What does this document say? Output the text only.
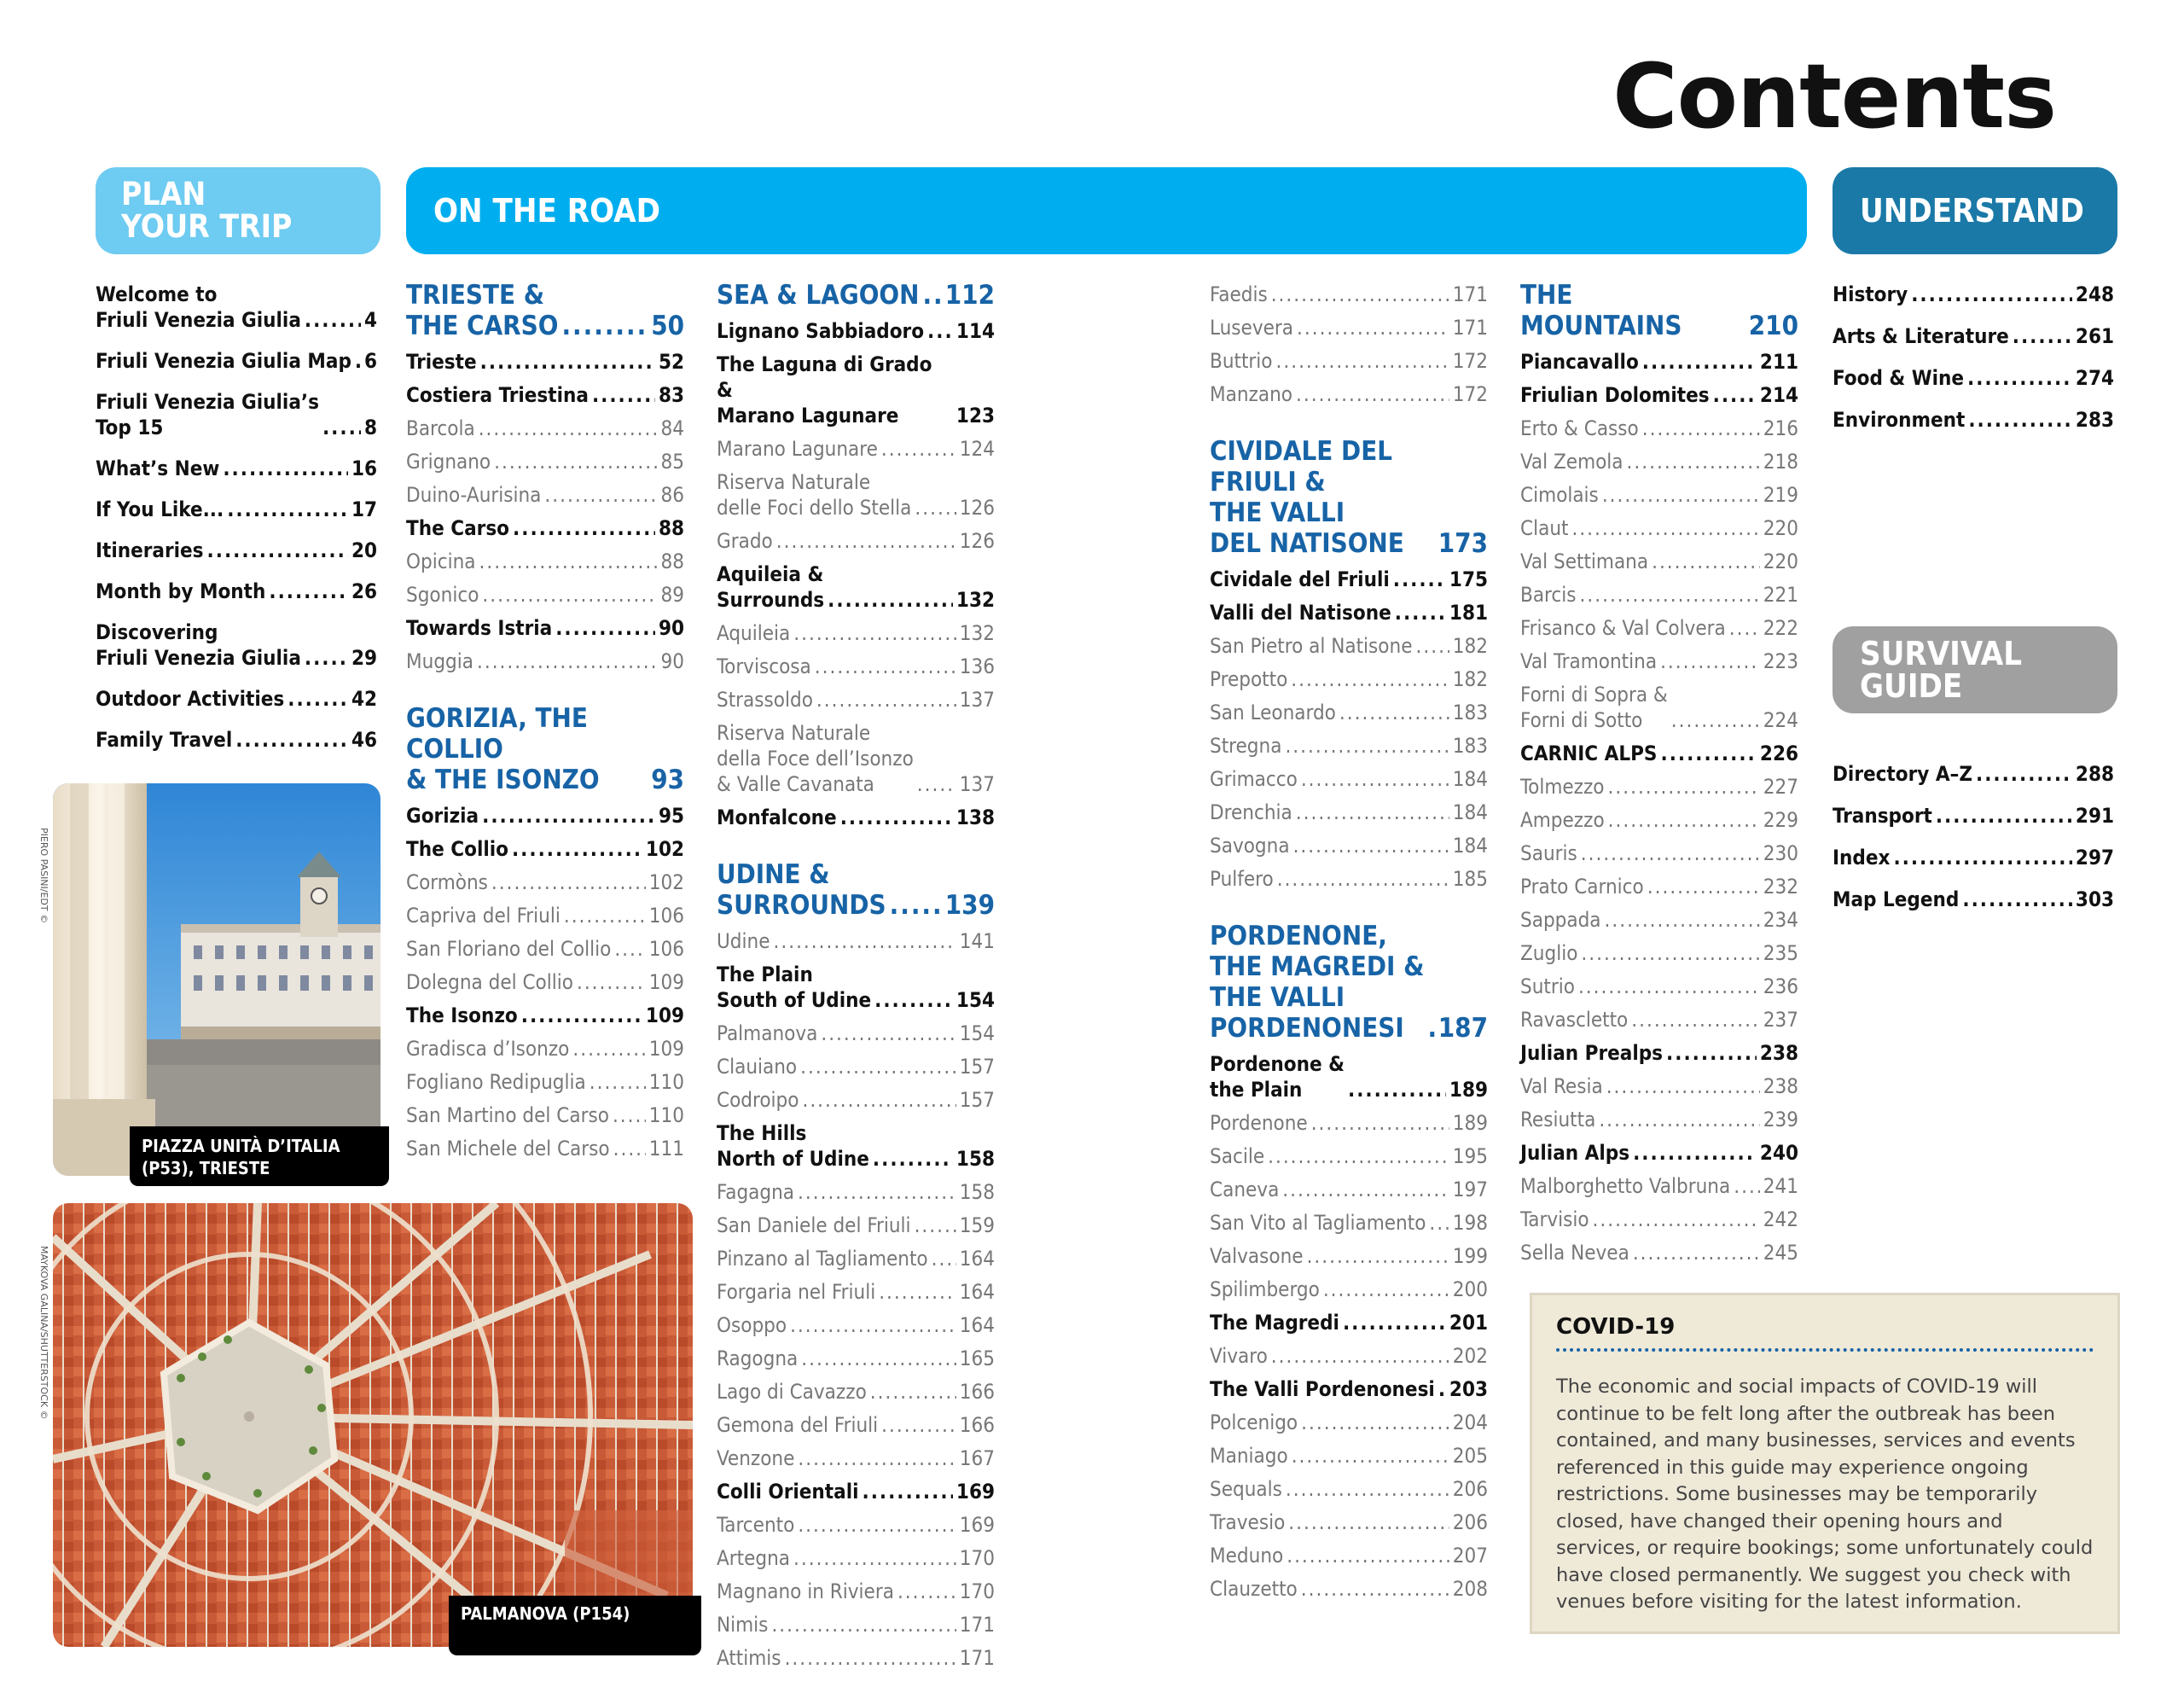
Contents
PLAN
YOUR TRIP	ON THE ROAD	UNDERSTAND
SURVIVAL
GUIDE
Welcome to
Friuli Venezia Giulia .....	4
Friuli Venezia Giulia Map ..... 6
Friuli Venezia Giulia’s
Top 15 .....	8
What’s New .....	16
If You Like... .....	17
Itineraries .....	20
Month by Month .....	26
Discovering
Friuli Venezia Giulia ..... 29
Outdoor Activities .....	42
Family Travel .....	46
TRIESTE &
THE CARSO .....	50
Trieste .....	52
Costiera Triestina .....	83
Barcola .....	84
Grignano .....	85
Duino-Aurisina .....	86
The Carso .....	88
Opicina .....	88
Sgonico .....	89
Towards Istria .....	90
Muggia .....	90
GORIZIA, THE COLLIO
& THE ISONZO	93
Gorizia .....	95
The Collio .....	102
Cormòns .....	102
Capriva del Friuli .....	106
San Floriano del Collio ..... 106
Dolegna del Collio .....	109
The Isonzo .....	109
Gradisca d’Isonzo .....	109
Fogliano Redipuglia .....	110
San Martino del Carso ..... 110
San Michele del Carso ..... 111
SEA & LAGOON ..... 112
Lignano Sabbiadoro ..... 114
The Laguna di Grado &
Marano Lagunare	123
Marano Lagunare .....	124
Riserva Naturale
delle Foci dello Stella ..... 126
Grado .....	126
Aquileia &
Surrounds .....	132
Aquileia .....	132
Torviscosa .....	136
Strassoldo .....	137
Riserva Naturale
della Foce dell’Isonzo
& Valle Cavanata .....	137
Monfalcone .....	138
UDINE &
SURROUNDS ..... 139
Udine .....	141
The Plain
South of Udine .....	154
Palmanova .....	154
Clauiano .....	157
Codroipo .....	157
The Hills
North of Udine .....	158
Fagagna .....	158
San Daniele del Friuli ..... 159
Pinzano al Tagliamento ..... 164
Forgaria nel Friuli .....	164
Osoppo .....	164
Ragogna .....	165
Lago di Cavazzo .....	166
Gemona del Friuli .....	166
Venzone .....	167
Colli Orientali .....	169
Tarcento .....	169
Artegna .....	170
Magnano in Riviera .....	170
Nimis .....	171
Attimis .....	171
Faedis .....	171
Lusevera .....	171
Buttrio .....	172
Manzano .....	172
CIVIDALE DEL FRIULI &
THE VALLI
DEL NATISONE	173
Cividale del Friuli .....	175
Valli del Natisone .....	181
San Pietro al Natisone ..... 182
Prepotto .....	182
San Leonardo .....	183
Stregna .....	183
Grimacco .....	184
Drenchia .....	184
Savogna .....	184
Pulfero .....	185
PORDENONE,
THE MAGREDI &
THE VALLI
PORDENONESI .....	187
Pordenone &
the Plain .....	189
Pordenone .....	189
Sacile .....	195
Caneva .....	197
San Vito al Tagliamento ..... 198
Valvasone .....	199
Spilimbergo .....	200
The Magredi .....	201
Vivaro .....	202
The Valli Pordenonesi ..... 203
Polcenigo .....	204
Maniago .....	205
Sequals .....	206
Travesio .....	206
Meduno .....	207
Clauzetto .....	208
THE MOUNTAINS	210
Piancavallo .....	211
Friulian Dolomites ..... 214
Erto & Casso .....	216
Val Zemola .....	218
Cimolais .....	219
Claut .....	220
Val Settimana .....	220
Barcis .....	221
Frisanco & Val Colvera ..... 222
Val Tramontina .....	223
Forni di Sopra &
Forni di Sotto .....	224
CARNIC ALPS .....	226
Tolmezzo .....	227
Ampezzo .....	229
Sauris .....	230
Prato Carnico .....	232
Sappada .....	234
Zuglio .....	235
Sutrio .....	236
Ravascletto .....	237
Julian Prealps .....	238
Val Resia .....	238
Resiutta .....	239
Julian Alps .....	240
Malborghetto Valbruna ..... 241
Tarvisio .....	242
Sella Nevea .....	245
History .....	248
Arts & Literature .....	261
Food & Wine .....	274
Environment .....	283
Directory A–Z .....	288
Transport .....	291
Index .....	297
Map Legend .....	303
PIAZZA UNITÀ D’ITALIA
(P53), TRIESTE
PIERO PASINI/EDT ©
PALMANOVA (P154)
MAYKOVA GALINA/SHUTTERSTOCK ©	COVID-19
The economic and social impacts of COVID-19 will continue to be felt long after the outbreak has been contained, and many businesses, services and events referenced in this guide may experience ongoing restrictions. Some businesses may be temporarily closed, have changed their opening hours and services, or require bookings; some unfortunately could have closed permanently. We suggest you check with venues before visiting for the latest information.
